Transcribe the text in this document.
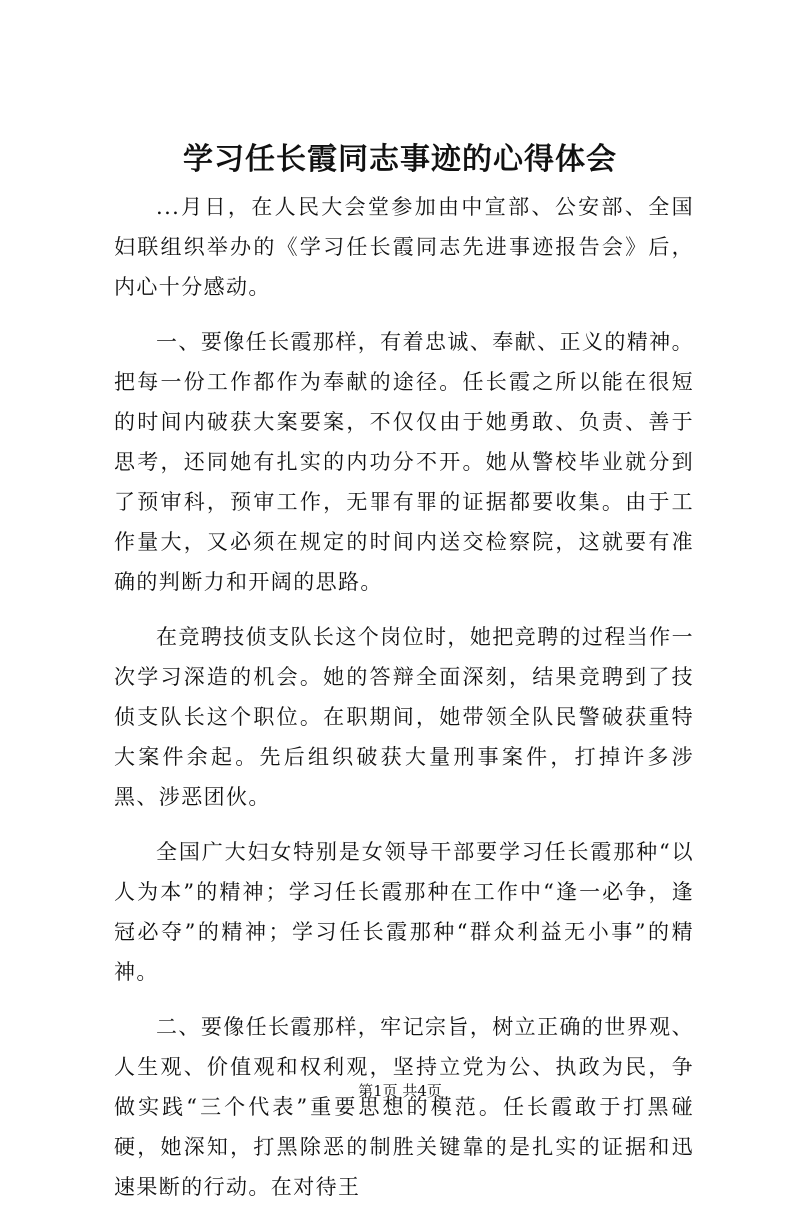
学习任长霞同志事迹的心得体会

...月日，在人民大会堂参加由中宣部、公安部、全国妇联组织举办的《学习任长霞同志先进事迹报告会》后，内心十分感动。

一、要像任长霞那样，有着忠诚、奉献、正义的精神。把每一份工作都作为奉献的途径。任长霞之所以能在很短的时间内破获大案要案，不仅仅由于她勇敢、负责、善于思考，还同她有扎实的内功分不开。她从警校毕业就分到了预审科，预审工作，无罪有罪的证据都要收集。由于工作量大，又必须在规定的时间内送交检察院，这就要有准确的判断力和开阔的思路。

在竞聘技侦支队长这个岗位时，她把竞聘的过程当作一次学习深造的机会。她的答辩全面深刻，结果竞聘到了技侦支队长这个职位。在职期间，她带领全队民警破获重特大案件余起。先后组织破获大量刑事案件，打掉许多涉黑、涉恶团伙。

全国广大妇女特别是女领导干部要学习任长霞那种“以人为本”的精神；学习任长霞那种在工作中“逢一必争，逢冠必夺”的精神；学习任长霞那种“群众利益无小事”的精神。

二、要像任长霞那样，牢记宗旨，树立正确的世界观、人生观、价值观和权利观，坚持立党为公、执政为民，争做实践“三个代表”重要思想的模范。任长霞敢于打黑碰硬，她深知，打黑除恶的制胜关键靠的是扎实的证据和迅速果断的行动。在对待王

第1页 共4页
